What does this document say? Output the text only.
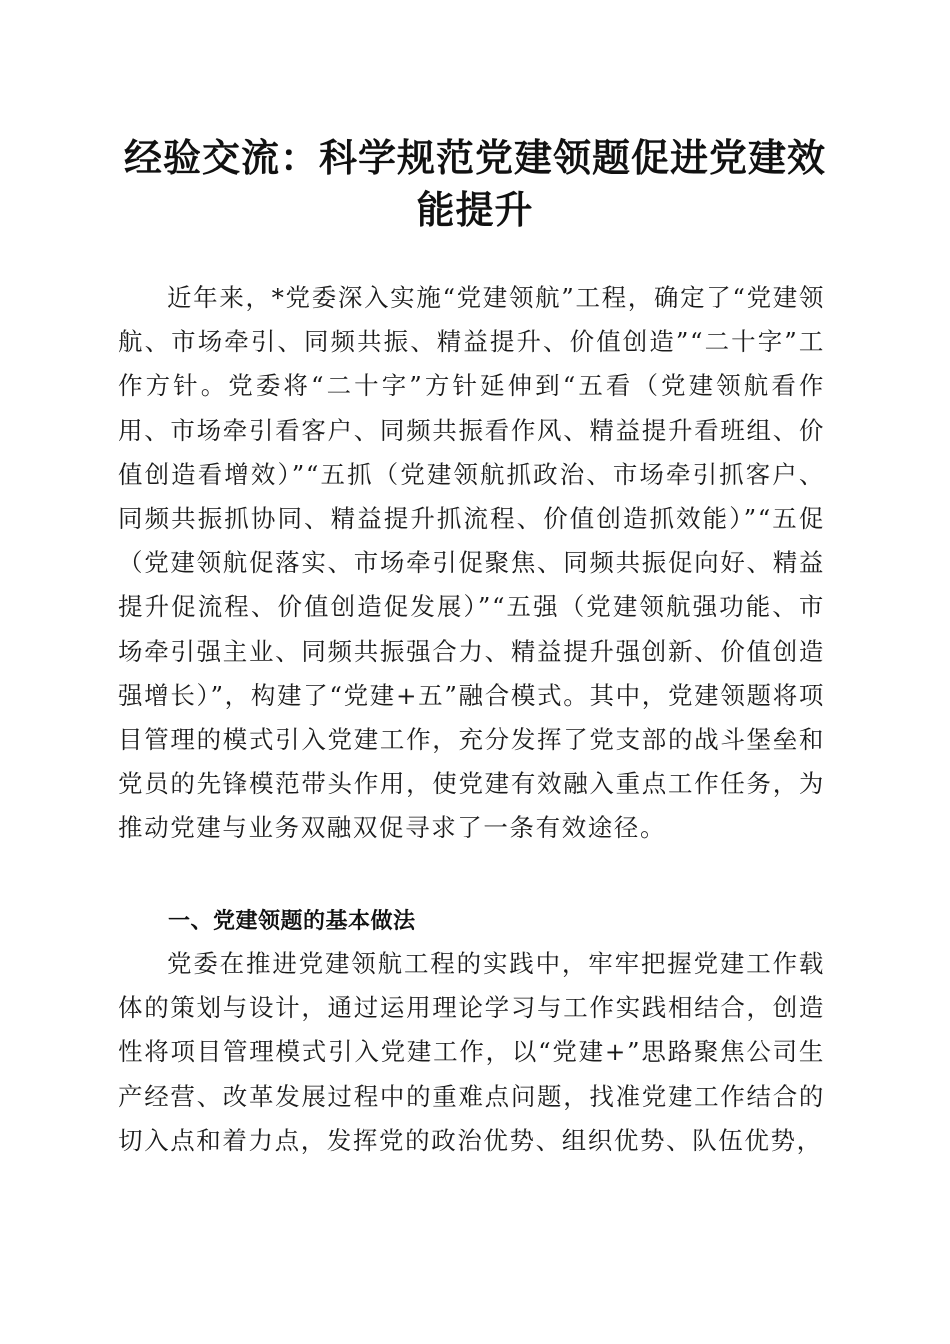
经验交流：科学规范党建领题促进党建效能提升

近年来，*党委深入实施“党建领航”工程，确定了“党建领航、市场牵引、同频共振、精益提升、价值创造”“二十字”工作方针。党委将“二十字”方针延伸到“五看（党建领航看作用、市场牵引看客户、同频共振看作风、精益提升看班组、价值创造看增效）”“五抓（党建领航抓政治、市场牵引抓客户、同频共振抓协同、精益提升抓流程、价值创造抓效能）”“五促（党建领航促落实、市场牵引促聚焦、同频共振促向好、精益提升促流程、价值创造促发展）”“五强（党建领航强功能、市场牵引强主业、同频共振强合力、精益提升强创新、价值创造强增长）”，构建了“党建+五”融合模式。其中，党建领题将项目管理的模式引入党建工作，充分发挥了党支部的战斗堡垒和党员的先锋模范带头作用，使党建有效融入重点工作任务，为推动党建与业务双融双促寻求了一条有效途径。

一、党建领题的基本做法

党委在推进党建领航工程的实践中，牢牢把握党建工作载体的策划与设计，通过运用理论学习与工作实践相结合，创造性将项目管理模式引入党建工作，以“党建+”思路聚焦公司生产经营、改革发展过程中的重难点问题，找准党建工作结合的切入点和着力点，发挥党的政治优势、组织优势、队伍优势，
